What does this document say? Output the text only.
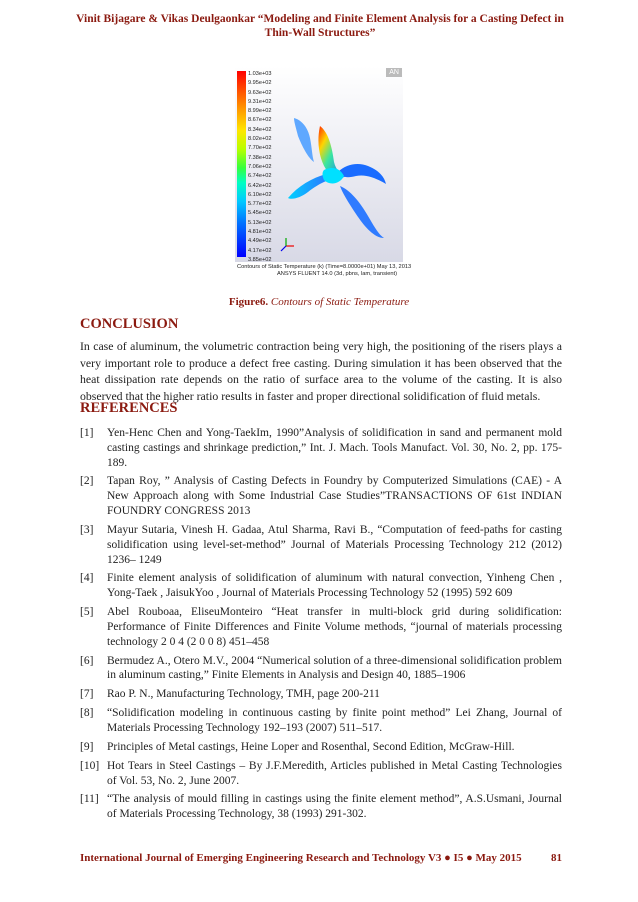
Vinit Bijagare & Vikas Deulgaonkar “Modeling and Finite Element Analysis for a Casting Defect in
Thin-Wall Structures”
1.03e+03
9.95e+02
9.63e+02
9.31e+02
8.99e+02
8.67e+02
8.34e+02
8.02e+02
7.70e+02
7.38e+02
7.06e+02
6.74e+02
6.42e+02
6.10e+02
5.77e+02
5.45e+02
5.13e+02
4.81e+02
4.49e+02
4.17e+02
3.85e+02
AN
Contours of Static Temperature (k) (Time=8.0000e+01) May 13, 2013
ANSYS FLUENT 14.0 (3d, pbns, lam, transient)
Figure6. Contours of Static Temperature
CONCLUSION
In case of aluminum, the volumetric contraction being very high, the positioning of the risers plays a very important role to produce a defect free casting. During simulation it has been observed that the heat dissipation rate depends on the ratio of surface area to the volume of the casting. It is also observed that the higher ratio results in faster and proper directional solidification of fluid metals.
REFERENCES
[1] Yen-Henc Chen and Yong-TaekIm, 1990”Analysis of solidification in sand and permanent mold casting castings and shrinkage prediction,” Int. J. Mach. Tools Manufact. Vol. 30, No. 2, pp. 175-189.
[2] Tapan Roy, ” Analysis of Casting Defects in Foundry by Computerized Simulations (CAE) - A New Approach along with Some Industrial Case Studies”TRANSACTIONS OF 61st INDIAN FOUNDRY CONGRESS 2013
[3] Mayur Sutaria, Vinesh H. Gadaa, Atul Sharma, Ravi B., “Computation of feed-paths for casting solidification using level-set-method” Journal of Materials Processing Technology 212 (2012) 1236– 1249
[4] Finite element analysis of solidification of aluminum with natural convection, Yinheng Chen , Yong-Taek , JaisukYoo , Journal of Materials Processing Technology 52 (1995) 592 609
[5] Abel Rouboaa, EliseuMonteiro “Heat transfer in multi-block grid during solidification: Performance of Finite Differences and Finite Volume methods, “journal of materials processing technology 2 0 4 (2 0 0 8) 451–458
[6] Bermudez A., Otero M.V., 2004 “Numerical solution of a three-dimensional solidification problem in aluminum casting,” Finite Elements in Analysis and Design 40, 1885–1906
[7] Rao P. N., Manufacturing Technology, TMH, page 200-211
[8] “Solidification modeling in continuous casting by finite point method” Lei Zhang, Journal of Materials Processing Technology 192–193 (2007) 511–517.
[9] Principles of Metal castings, Heine Loper and Rosenthal, Second Edition, McGraw-Hill.
[10] Hot Tears in Steel Castings – By J.F.Meredith, Articles published in Metal Casting Technologies of Vol. 53, No. 2, June 2007.
[11] “The analysis of mould filling in castings using the finite element method”, A.S.Usmani, Journal of Materials Processing Technology, 38 (1993) 291-302.
International Journal of Emerging Engineering Research and Technology V3 ● I5 ● May 2015	81
